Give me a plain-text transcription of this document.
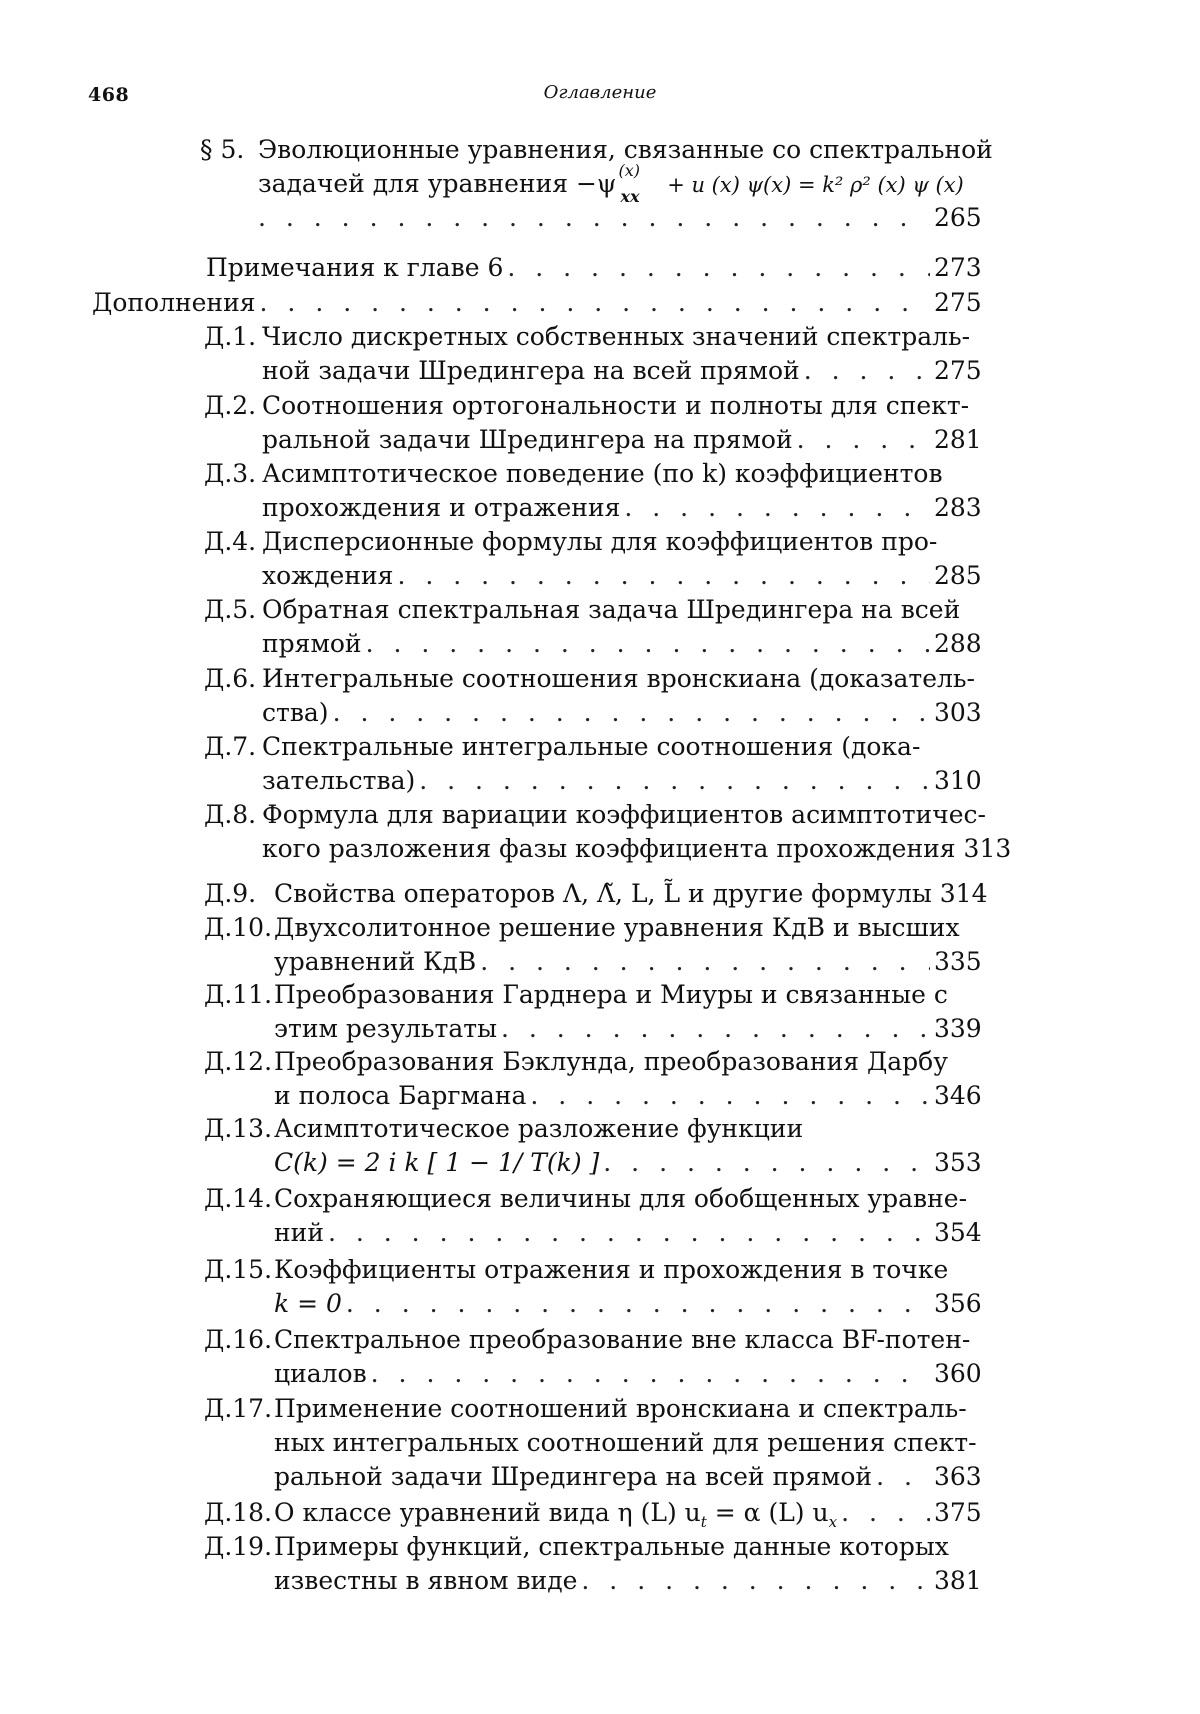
468	Оглавление
§ 5. Эволюционные уравнения, связанные со спектральной
задачей для уравнения −ψ (x)
xx + u (x) ψ(x) = k² ρ² (x) ψ (x)
. . .
265
Примечания к главе 6
. . .	273
Дополнения
. . .	275
Д.1. Число дискретных собственных значений спектраль-
ной задачи Шредингера на всей прямой
. . .	275
Д.2. Соотношения ортогональности и полноты для спект-
ральной задачи Шредингера на прямой
. . .	281
Д.3. Асимптотическое поведение (по k) коэффициентов
прохождения и отражения
. . .	283
Д.4. Дисперсионные формулы для коэффициентов про-
хождения
. . .	285
Д.5. Обратная спектральная задача Шредингера на всей
прямой
. . .	288
Д.6. Интегральные соотношения вронскиана (доказатель-
ства)
. . .	303
Д.7. Спектральные интегральные соотношения (дока-
зательства)
. . .	310
Д.8. Формула для вариации коэффициентов асимптотичес-
кого разложения фазы коэффициента прохождения 313
Д.9. Свойства операторов Λ, Λ̃, L, L̃ и другие формулы 314
Д.10. Двухсолитонное решение уравнения КдВ и высших
уравнений КдВ
. . .	335
Д.11. Преобразования Гарднера и Миуры и связанные с
этим результаты
. . .	339
Д.12. Преобразования Бэклунда, преобразования Дарбу
и полоса Баргмана
. . .	346
Д.13. Асимптотическое разложение функции
C(k) = 2 i k [ 1 − 1/ T(k) ]
. . .	353
Д.14. Сохраняющиеся величины для обобщенных уравне-
ний
. . .	354
Д.15. Коэффициенты отражения и прохождения в точке
k = 0
. . .	356
Д.16. Спектральное преобразование вне класса BF-потен-
циалов
. . .	360
Д.17. Применение соотношений вронскиана и спектраль-
ных интегральных соотношений для решения спект-
ральной задачи Шредингера на всей прямой
. . . 363
Д.18. О классе уравнений вида η (L) ut = α (L) ux
. . .	375
Д.19. Примеры функций, спектральные данные которых
известны в явном виде
. . .	381
